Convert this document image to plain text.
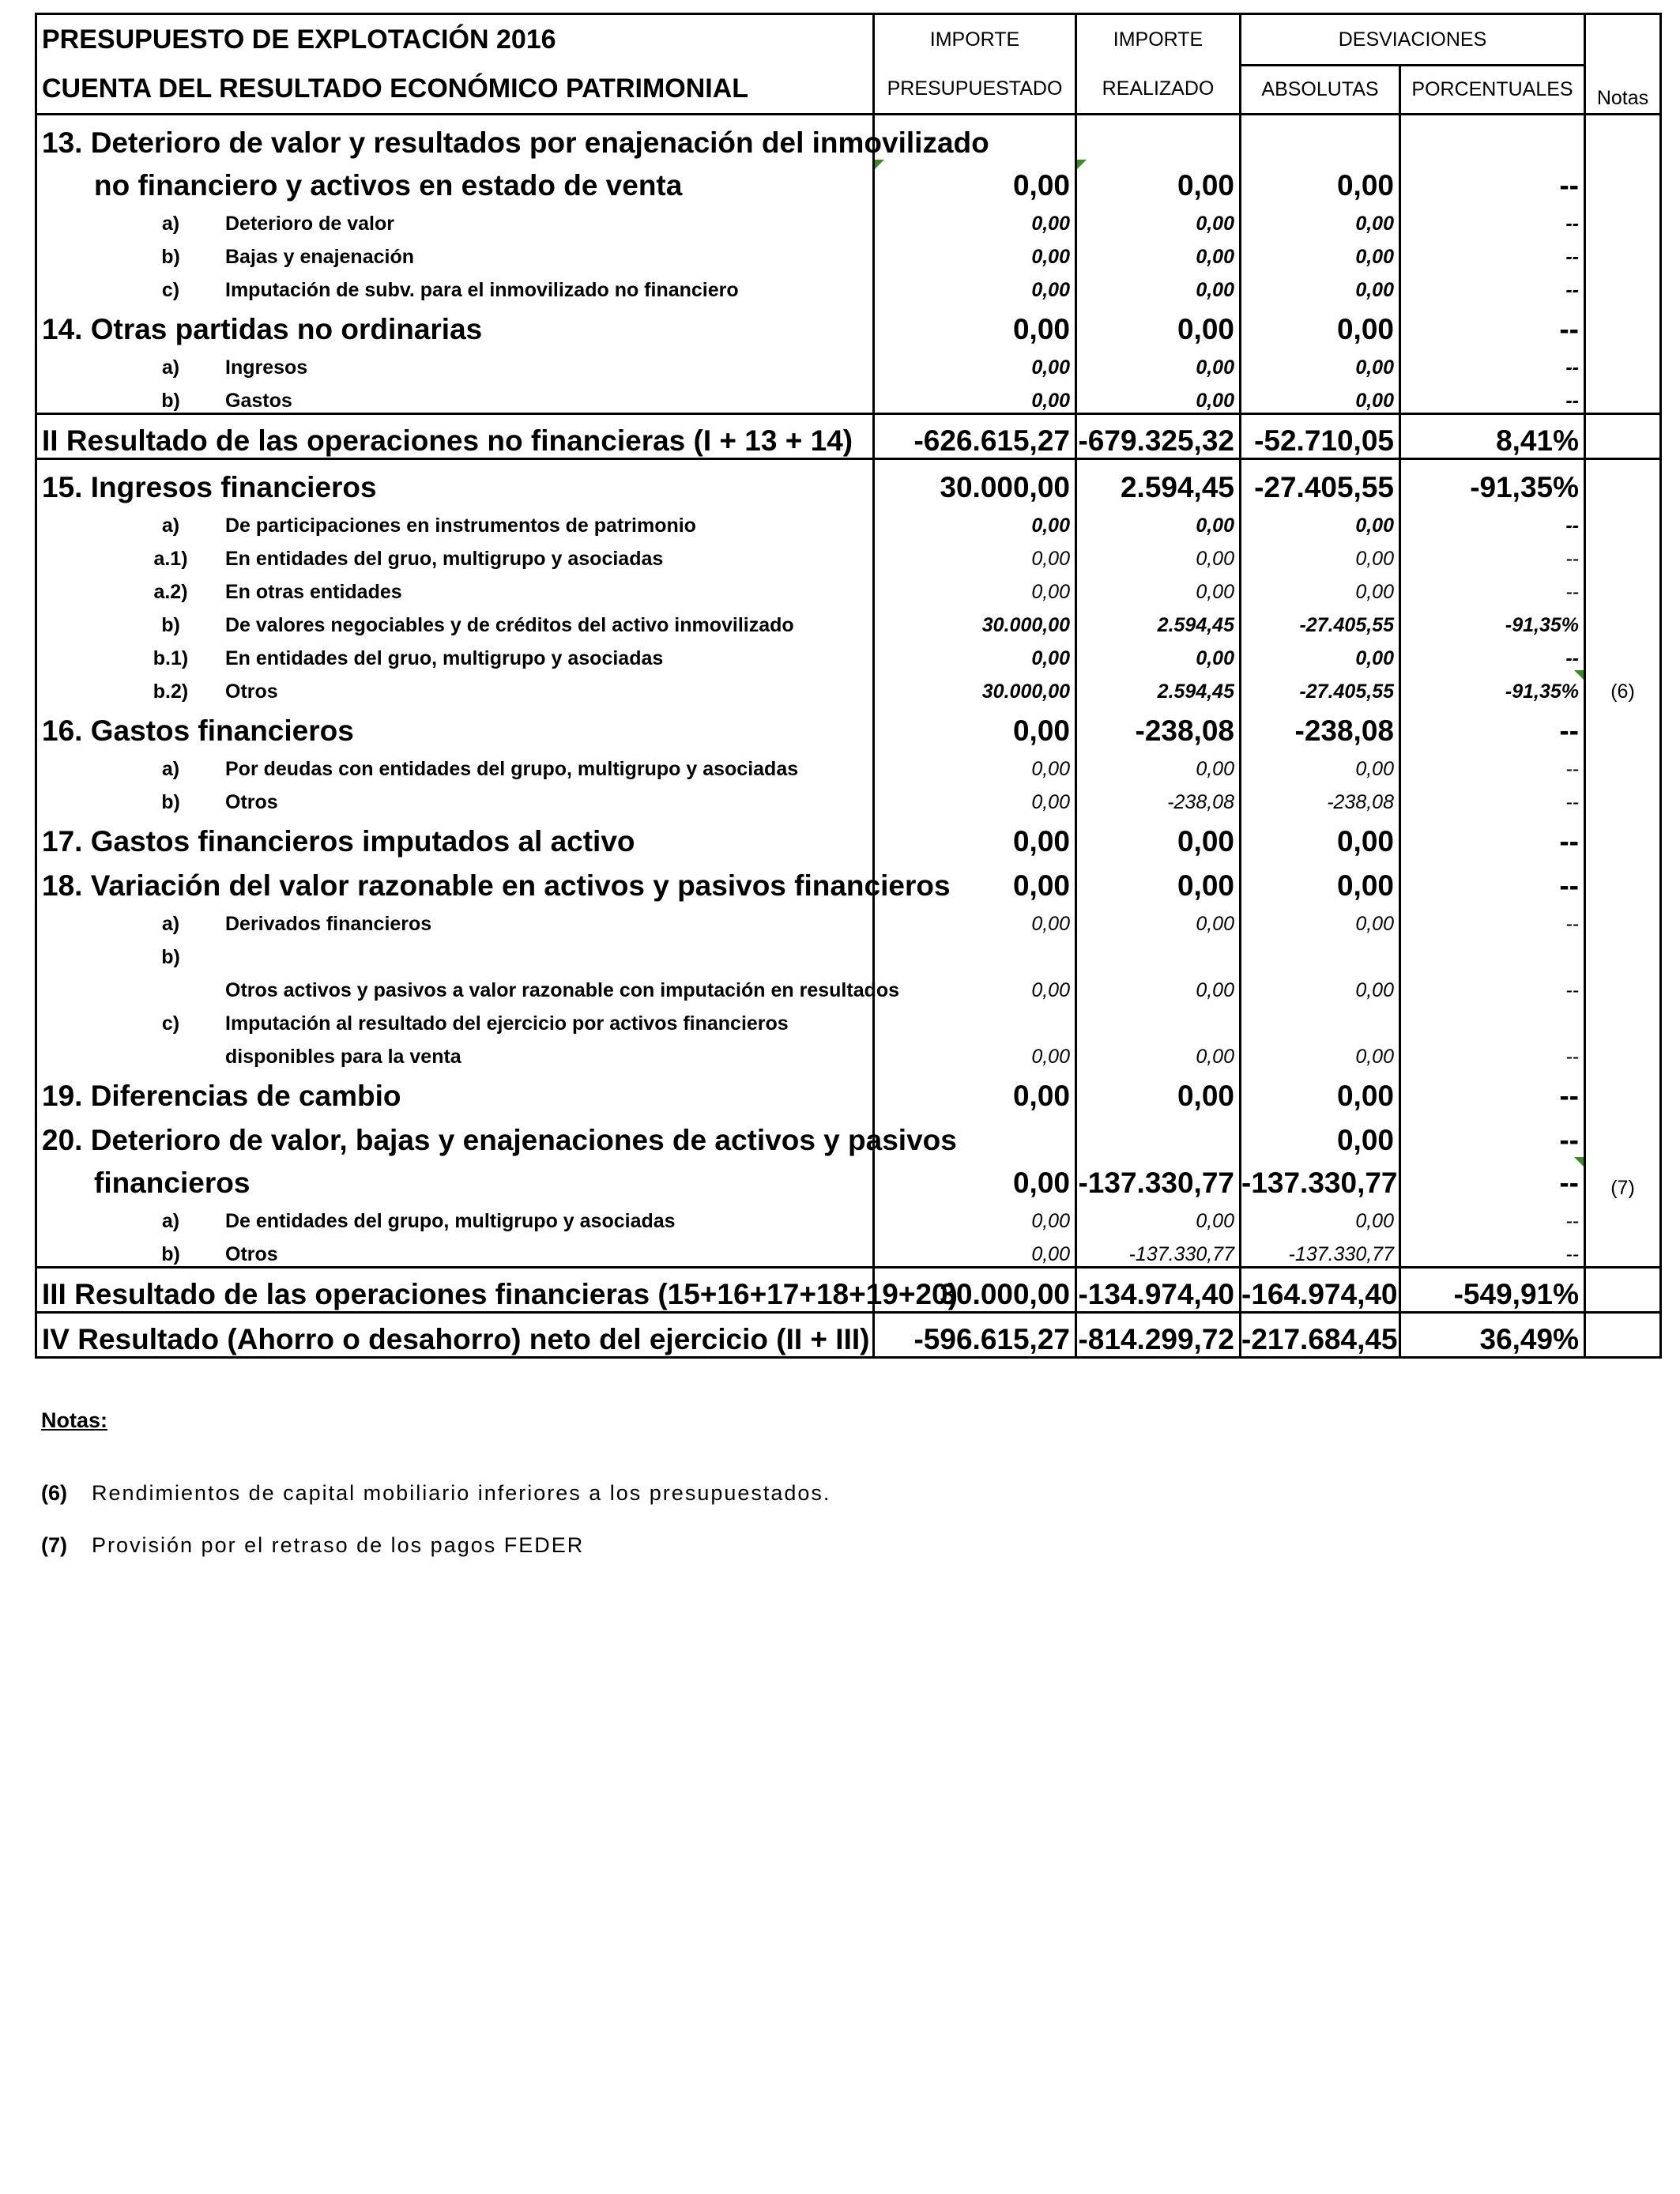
PRESUPUESTO DE EXPLOTACIÓN 2016	IMPORTE	IMPORTE	DESVIACIONES		
CUENTA DEL RESULTADO ECONÓMICO PATRIMONIAL	PRESUPUESTADO	REALIZADO	ABSOLUTAS	PORCENTUALES	Notas
13. Deterioro de valor y resultados por enajenación del inmovilizado					
no financiero y activos en estado de venta	0,00	0,00	0,00	--	
a) Deterioro de valor	0,00	0,00	0,00	--	
b) Bajas y enajenación	0,00	0,00	0,00	--	
c) Imputación de subv. para el inmovilizado no financiero	0,00	0,00	0,00	--	
14. Otras partidas no ordinarias	0,00	0,00	0,00	--	
a) Ingresos	0,00	0,00	0,00	--	
b) Gastos	0,00	0,00	0,00	--	
II Resultado de las operaciones no financieras (I + 13 + 14)	-626.615,27	-679.325,32	-52.710,05	8,41%	
15. Ingresos financieros	30.000,00	2.594,45	-27.405,55	-91,35%	
a) De participaciones en instrumentos de patrimonio	0,00	0,00	0,00	--	
a.1) En entidades del gruo, multigrupo y asociadas	0,00	0,00	0,00	--	
a.2) En otras entidades	0,00	0,00	0,00	--	
b) De valores negociables y de créditos del activo inmovilizado	30.000,00	2.594,45	-27.405,55	-91,35%	
b.1) En entidades del gruo, multigrupo y asociadas	0,00	0,00	0,00	--	
b.2) Otros	30.000,00	2.594,45	-27.405,55	-91,35%	(6)
16. Gastos financieros	0,00	-238,08	-238,08	--	
a) Por deudas con entidades del grupo, multigrupo y asociadas	0,00	0,00	0,00	--	
b) Otros	0,00	-238,08	-238,08	--	
17. Gastos financieros imputados al activo	0,00	0,00	0,00	--	
18. Variación del valor razonable en activos y pasivos financieros	0,00	0,00	0,00	--	
a) Derivados financieros	0,00	0,00	0,00	--	
b)					
Otros activos y pasivos a valor razonable con imputación en resultados	0,00	0,00	0,00	--	
c) Imputación al resultado del ejercicio por activos financieros					
disponibles para la venta	0,00	0,00	0,00	--	
19. Diferencias de cambio	0,00	0,00	0,00	--	
20. Deterioro de valor, bajas y enajenaciones de activos y pasivos			0,00	--	
financieros	0,00	-137.330,77	-137.330,77	--	(7)
a) De entidades del grupo, multigrupo y asociadas	0,00	0,00	0,00	--	
b) Otros	0,00	-137.330,77	-137.330,77	--	
III Resultado de las operaciones financieras (15+16+17+18+19+20)	30.000,00	-134.974,40	-164.974,40	-549,91%	
IV Resultado (Ahorro o desahorro) neto del ejercicio (II + III)	-596.615,27	-814.299,72	-217.684,45	36,49%	
Notas:
(6) Rendimientos de capital mobiliario inferiores a los presupuestados.
(7) Provisión por el retraso de los pagos FEDER
